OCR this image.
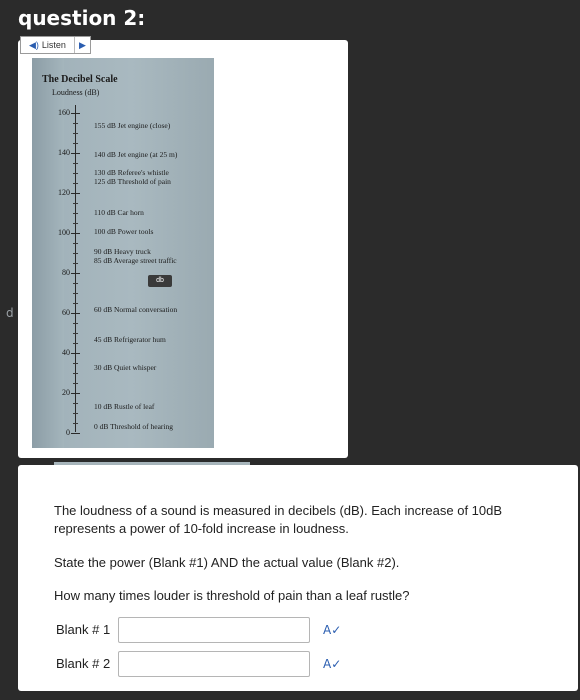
question 2:
d
◀) Listen	▶
The Decibel Scale
Loudness (dB)
160
140
120
100
80
60
40
20
0
155 dB Jet engine (close)
140 dB Jet engine (at 25 m)
130 dB Referee's whistle
125 dB Threshold of pain
110 dB Car horn
100 dB Power tools
90 dB Heavy truck
85 dB Average street traffic
60 dB Normal conversation
45 dB Refrigerator hum
30 dB Quiet whisper
10 dB Rustle of leaf
0 dB Threshold of hearing
db
The loudness of a sound is measured in decibels (dB). Each increase of 10dB
represents a power of 10-fold increase in loudness.
State the power (Blank #1) AND the actual value (Blank #2).
How many times louder is threshold of pain than a leaf rustle?
Blank # 1	A✓
Blank # 2	A✓
